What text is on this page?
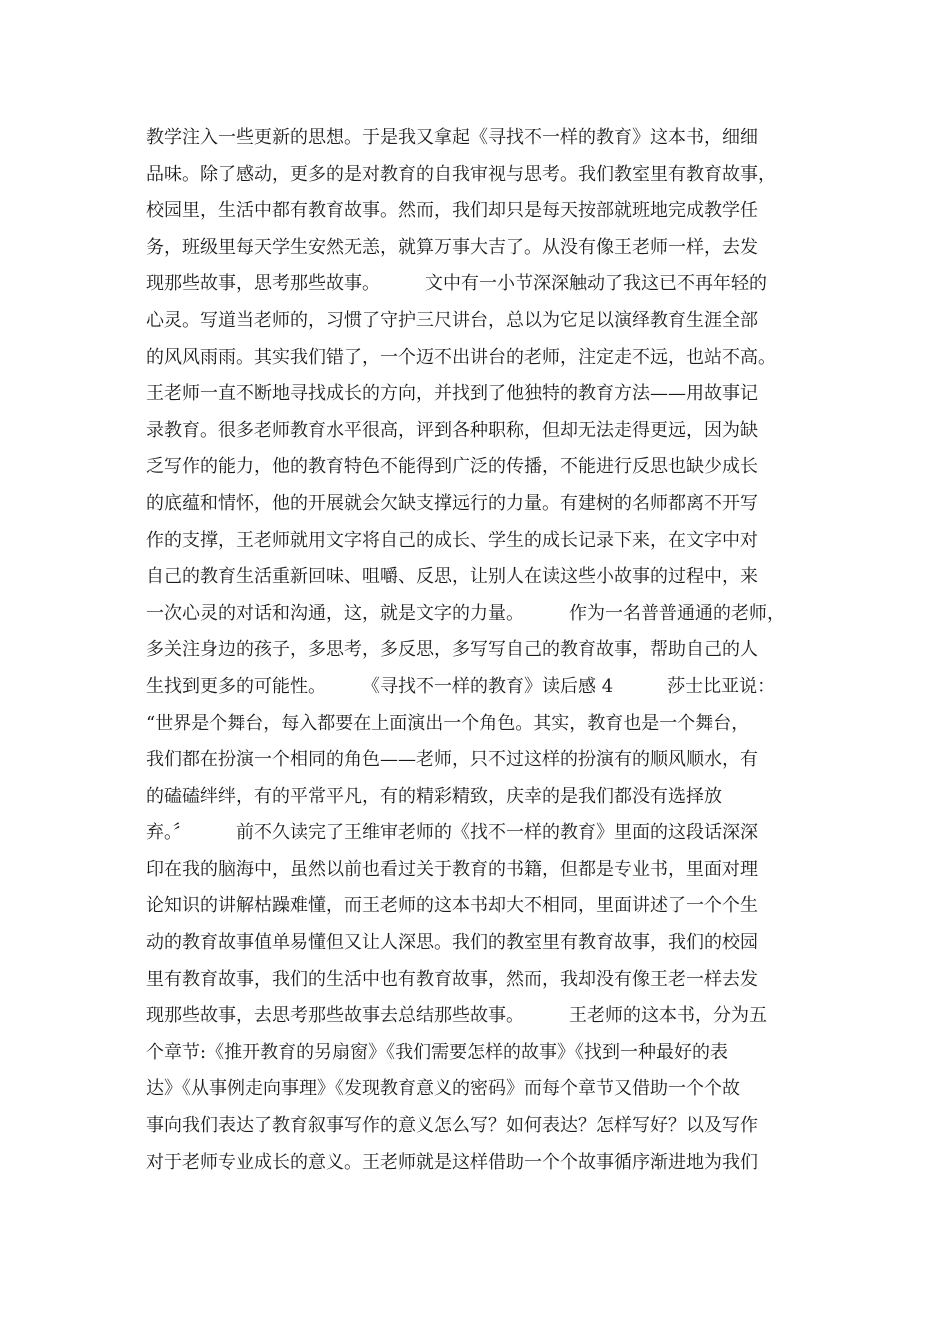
教学注入一些更新的思想。于是我又拿起《寻找不一样的教育》这本书，细细
品味。除了感动，更多的是对教育的自我审视与思考。我们教室里有教育故事，
校园里，生活中都有教育故事。然而，我们却只是每天按部就班地完成教学任
务，班级里每天学生安然无恙，就算万事大吉了。从没有像王老师一样，去发
现那些故事，思考那些故事。　　　文中有一小节深深触动了我这已不再年轻的
心灵。写道当老师的，习惯了守护三尺讲台，总以为它足以演绎教育生涯全部
的风风雨雨。其实我们错了，一个迈不出讲台的老师，注定走不远，也站不高。
王老师一直不断地寻找成长的方向，并找到了他独特的教育方法——用故事记
录教育。很多老师教育水平很高，评到各种职称，但却无法走得更远，因为缺
乏写作的能力，他的教育特色不能得到广泛的传播，不能进行反思也缺少成长
的底蕴和情怀，他的开展就会欠缺支撑远行的力量。有建树的名师都离不开写
作的支撑，王老师就用文字将自己的成长、学生的成长记录下来，在文字中对
自己的教育生活重新回味、咀嚼、反思，让别人在读这些小故事的过程中，来
一次心灵的对话和沟通，这，就是文字的力量。　　　作为一名普普通通的老师，
多关注身边的孩子，多思考，多反思，多写写自己的教育故事，帮助自己的人
生找到更多的可能性。　　　《寻找不一样的教育》读后感 4　　　莎士比亚说：
“世界是个舞台，每入都要在上面演出一个角色。其实，教育也是一个舞台，
我们都在扮演一个相同的角色——老师，只不过这样的扮演有的顺风顺水，有
的磕磕绊绊，有的平常平凡，有的精彩精致，庆幸的是我们都没有选择放
弃。〞　　　前不久读完了王维审老师的《找不一样的教育》里面的这段话深深
印在我的脑海中，虽然以前也看过关于教育的书籍，但都是专业书，里面对理
论知识的讲解枯躁难懂，而王老师的这本书却大不相同，里面讲述了一个个生
动的教育故事值单易懂但又让人深思。我们的教室里有教育故事，我们的校园
里有教育故事，我们的生活中也有教育故事，然而，我却没有像王老一样去发
现那些故事，去思考那些故事去总结那些故事。　　　王老师的这本书，分为五
个章节:《推开教育的另扇窗》《我们需要怎样的故事》《找到一种最好的表
达》《从事例走向事理》《发现教育意义的密码》而每个章节又借助一个个故
事向我们表达了教育叙事写作的意义怎么写？如何表达？怎样写好？以及写作
对于老师专业成长的意义。王老师就是这样借助一个个故事循序渐进地为我们
